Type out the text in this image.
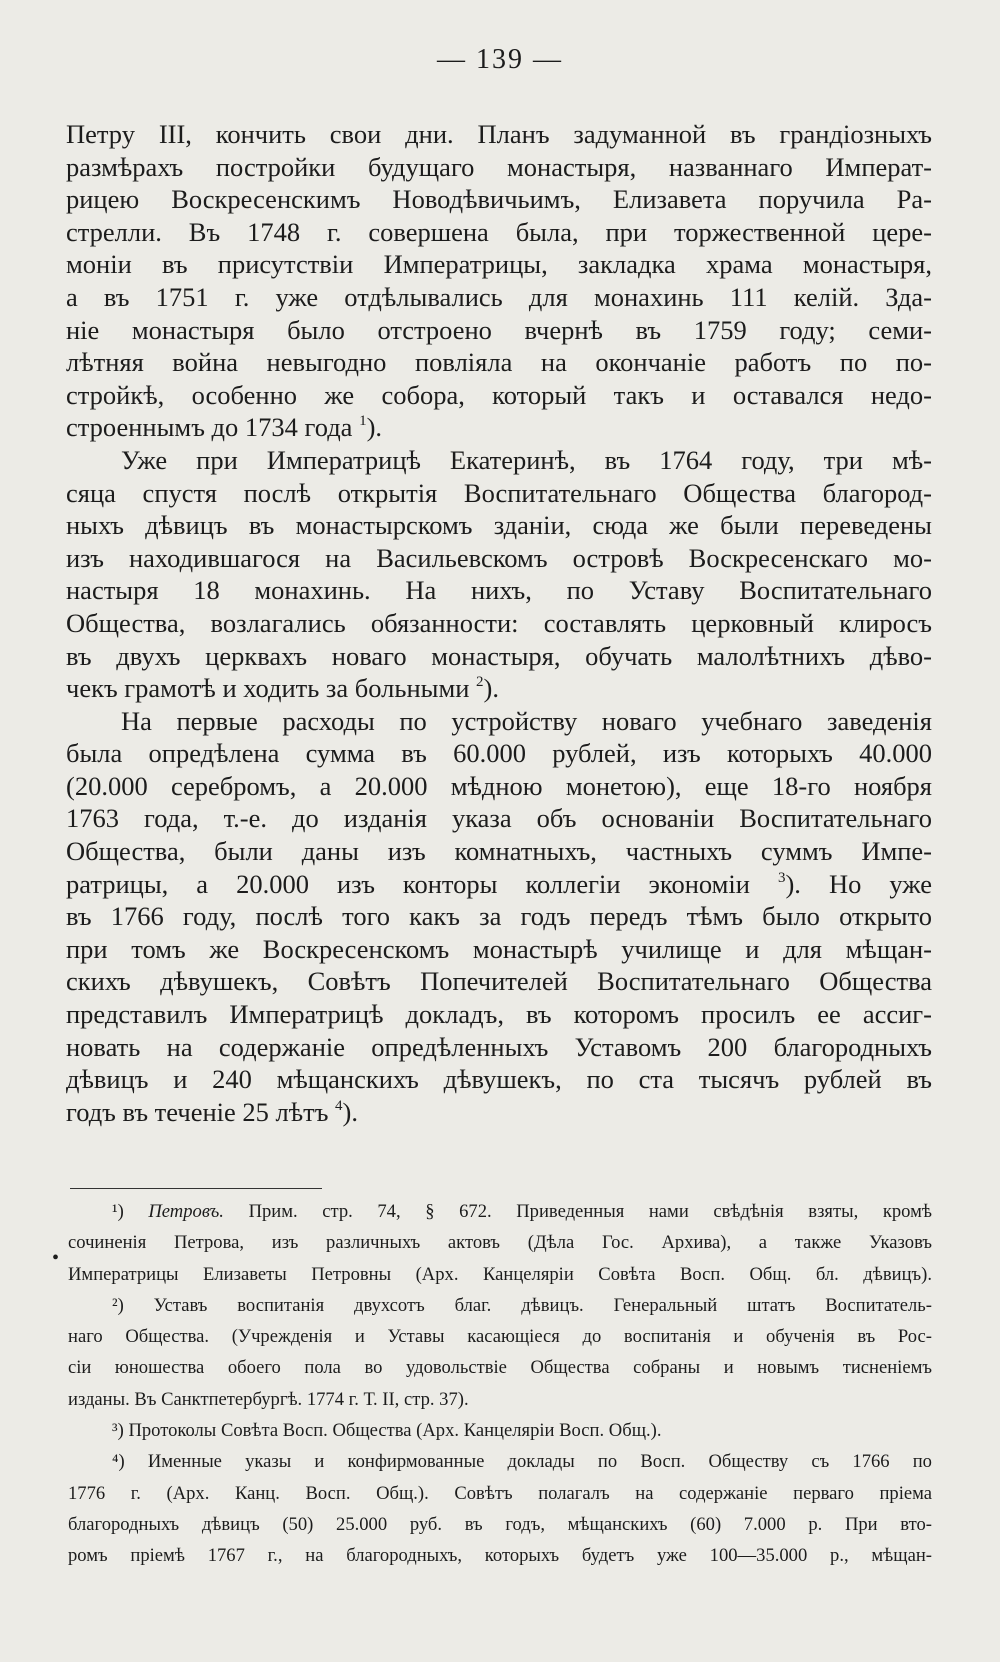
— 139 —
Петру III, кончить свои дни. Планъ задуманной въ грандіозныхъ
размѣрахъ постройки будущаго монастыря, названнаго Императ-
рицею Воскресенскимъ Новодѣвичьимъ, Елизавета поручила Ра-
стрелли. Въ 1748 г. совершена была, при торжественной цере-
моніи въ присутствіи Императрицы, закладка храма монастыря,
а въ 1751 г. уже отдѣлывались для монахинь 111 келій. Зда-
ніе монастыря было отстроено вчернѣ въ 1759 году; семи-
лѣтняя война невыгодно повліяла на окончаніе работъ по по-
стройкѣ, особенно же собора, который такъ и оставался недо-
строеннымъ до 1734 года $^1$).
Уже при Императрицѣ Екатеринѣ, въ 1764 году, три мѣ-
сяца спустя послѣ открытія Воспитательнаго Общества благород-
ныхъ дѣвицъ въ монастырскомъ зданіи, сюда же были переведены
изъ находившагося на Васильевскомъ островѣ Воскресенскаго мо-
настыря 18 монахинь. На нихъ, по Уставу Воспитательнаго
Общества, возлагались обязанности: составлять церковный клиросъ
въ двухъ церквахъ новаго монастыря, обучать малолѣтнихъ дѣво-
чекъ грамотѣ и ходить за больными $^2$).
На первые расходы по устройству новаго учебнаго заведенія
была опредѣлена сумма въ 60.000 рублей, изъ которыхъ 40.000
(20.000 серебромъ, а 20.000 мѣдною монетою), еще 18-го ноября
1763 года, т.-е. до изданія указа объ основаніи Воспитательнаго
Общества, были даны изъ комнатныхъ, частныхъ суммъ Импе-
ратрицы, а 20.000 изъ конторы коллегіи экономіи $^3$). Но уже
въ 1766 году, послѣ того какъ за годъ передъ тѣмъ было открыто
при томъ же Воскресенскомъ монастырѣ училище и для мѣщан-
скихъ дѣвушекъ, Совѣтъ Попечителей Воспитательнаго Общества
представилъ Императрицѣ докладъ, въ которомъ просилъ ее ассиг-
новать на содержаніе опредѣленныхъ Уставомъ 200 благородныхъ
дѣвицъ и 240 мѣщанскихъ дѣвушекъ, по ста тысячъ рублей въ
годъ въ теченіе 25 лѣтъ $^4$).
•
¹) Петровъ. Прим. стр. 74, § 672. Приведенныя нами свѣдѣнія взяты, кромѣ
сочиненія Петрова, изъ различныхъ актовъ (Дѣла Гос. Архива), а также Указовъ
Императрицы Елизаветы Петровны (Арх. Канцеляріи Совѣта Восп. Общ. бл. дѣвицъ).
²) Уставъ воспитанія двухсотъ благ. дѣвицъ. Генеральный штатъ Воспитатель-
наго Общества. (Учрежденія и Уставы касающіеся до воспитанія и обученія въ Рос-
сіи юношества обоего пола во удовольствіе Общества собраны и новымъ тисненіемъ
изданы. Въ Санктпетербургѣ. 1774 г. Т. II, стр. 37).
³) Протоколы Совѣта Восп. Общества (Арх. Канцеляріи Восп. Общ.).
⁴) Именные указы и конфирмованные доклады по Восп. Обществу съ 1766 по
1776 г. (Арх. Канц. Восп. Общ.). Совѣтъ полагалъ на содержаніе перваго пріема
благородныхъ дѣвицъ (50) 25.000 руб. въ годъ, мѣщанскихъ (60) 7.000 р. При вто-
ромъ пріемѣ 1767 г., на благородныхъ, которыхъ будетъ уже 100—35.000 р., мѣщан-
